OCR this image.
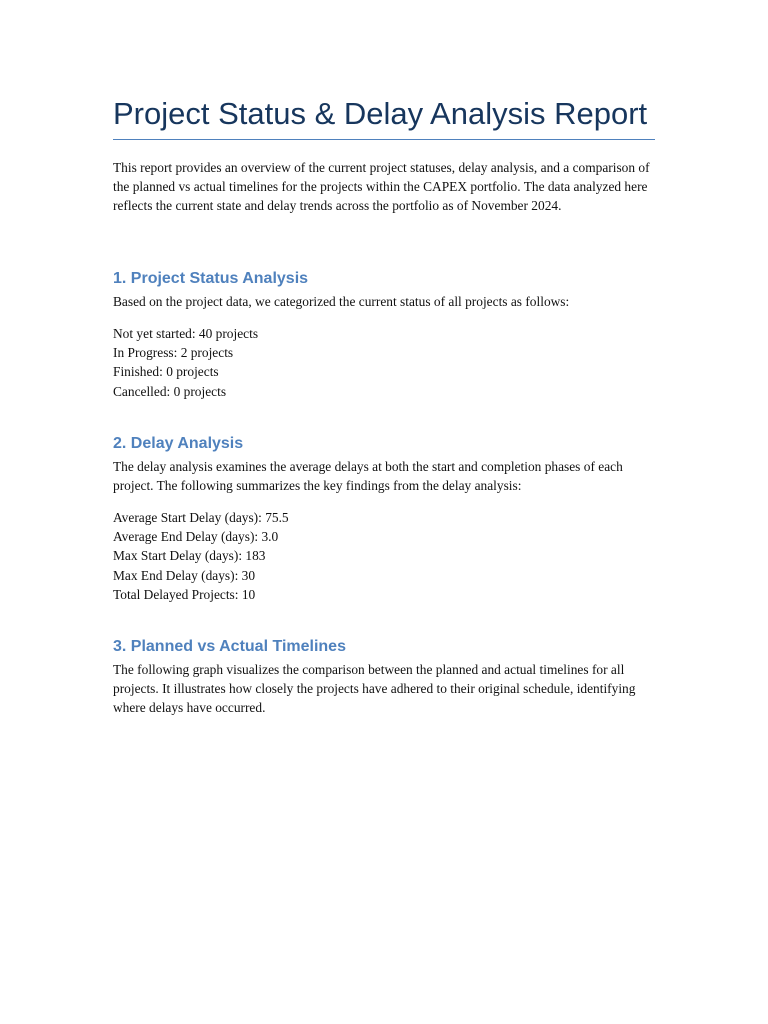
Project Status & Delay Analysis Report

This report provides an overview of the current project statuses, delay analysis, and a comparison of the planned vs actual timelines for the projects within the CAPEX portfolio. The data analyzed here reflects the current state and delay trends across the portfolio as of November 2024.

1. Project Status Analysis

Based on the project data, we categorized the current status of all projects as follows:

Not yet started: 40 projects
In Progress: 2 projects
Finished: 0 projects
Cancelled: 0 projects
2. Delay Analysis

The delay analysis examines the average delays at both the start and completion phases of each project. The following summarizes the key findings from the delay analysis:

Average Start Delay (days): 75.5
Average End Delay (days): 3.0
Max Start Delay (days): 183
Max End Delay (days): 30
Total Delayed Projects: 10
3. Planned vs Actual Timelines

The following graph visualizes the comparison between the planned and actual timelines for all projects. It illustrates how closely the projects have adhered to their original schedule, identifying where delays have occurred.
